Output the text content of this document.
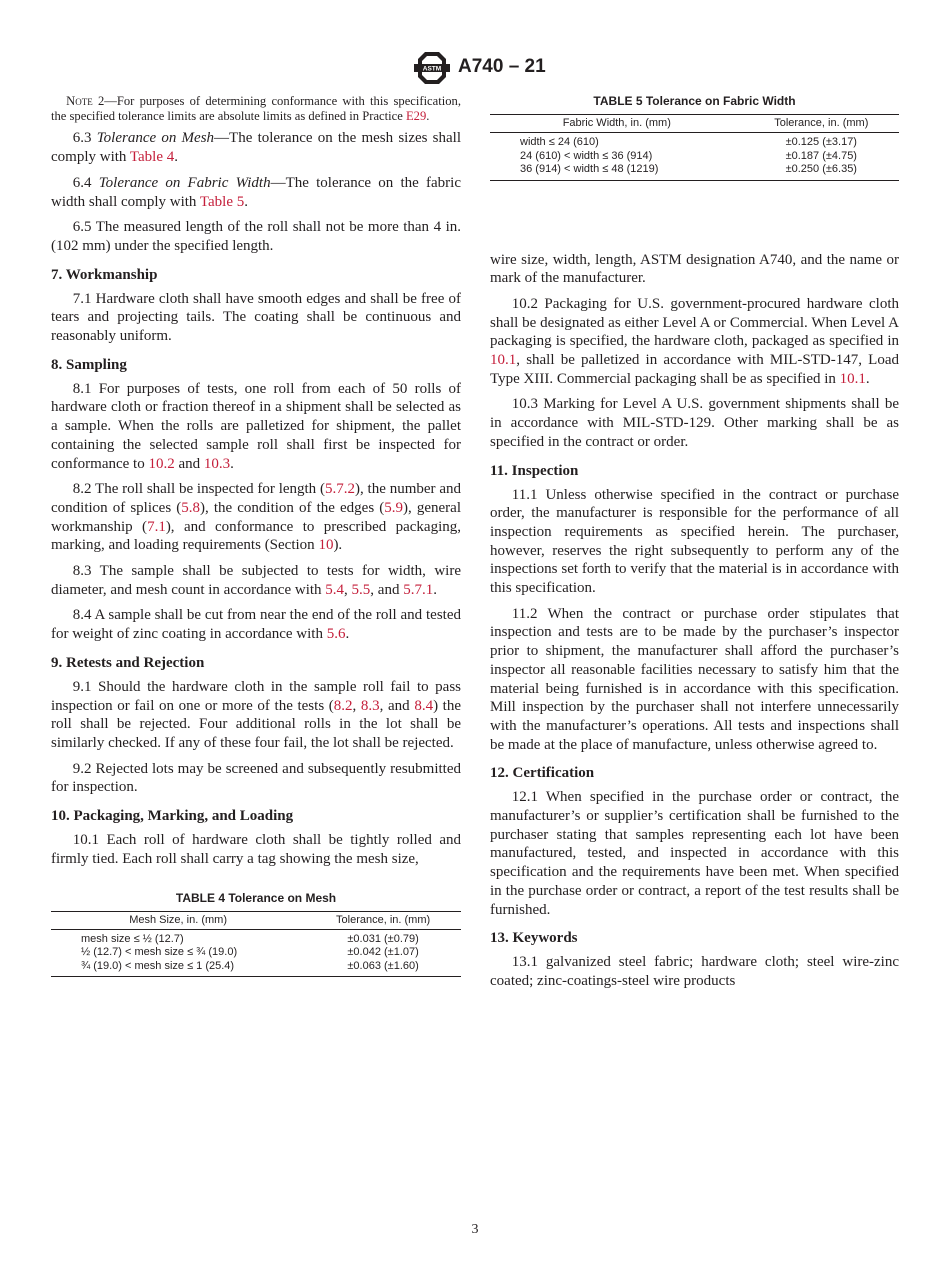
ASTM A740 – 21

Note 2—For purposes of determining conformance with this specification, the specified tolerance limits are absolute limits as defined in Practice E29.

6.3 Tolerance on Mesh—The tolerance on the mesh sizes shall comply with Table 4.

6.4 Tolerance on Fabric Width—The tolerance on the fabric width shall comply with Table 5.

6.5 The measured length of the roll shall not be more than 4 in. (102 mm) under the specified length.

7. Workmanship

7.1 Hardware cloth shall have smooth edges and shall be free of tears and projecting tails. The coating shall be continuous and reasonably uniform.

8. Sampling

8.1 For purposes of tests, one roll from each of 50 rolls of hardware cloth or fraction thereof in a shipment shall be selected as a sample. When the rolls are palletized for shipment, the pallet containing the selected sample roll shall first be inspected for conformance to 10.2 and 10.3.

8.2 The roll shall be inspected for length (5.7.2), the number and condition of splices (5.8), the condition of the edges (5.9), general workmanship (7.1), and conformance to prescribed packaging, marking, and loading requirements (Section 10).

8.3 The sample shall be subjected to tests for width, wire diameter, and mesh count in accordance with 5.4, 5.5, and 5.7.1.

8.4 A sample shall be cut from near the end of the roll and tested for weight of zinc coating in accordance with 5.6.

9. Retests and Rejection

9.1 Should the hardware cloth in the sample roll fail to pass inspection or fail on one or more of the tests (8.2, 8.3, and 8.4) the roll shall be rejected. Four additional rolls in the lot shall be similarly checked. If any of these four fail, the lot shall be rejected.

9.2 Rejected lots may be screened and subsequently resubmitted for inspection.

10. Packaging, Marking, and Loading

10.1 Each roll of hardware cloth shall be tightly rolled and firmly tied. Each roll shall carry a tag showing the mesh size,

TABLE 4 Tolerance on Mesh
Mesh Size, in. (mm)	Tolerance, in. (mm)
mesh size ≤ ½ (12.7)	±0.031 (±0.79)
½ (12.7) < mesh size ≤ ¾ (19.0)	±0.042 (±1.07)
¾ (19.0) < mesh size ≤ 1 (25.4)	±0.063 (±1.60)
TABLE 5 Tolerance on Fabric Width
Fabric Width, in. (mm)	Tolerance, in. (mm)
width ≤ 24 (610)	±0.125 (±3.17)
24 (610) < width ≤ 36 (914)	±0.187 (±4.75)
36 (914) < width ≤ 48 (1219)	±0.250 (±6.35)

wire size, width, length, ASTM designation A740, and the name or mark of the manufacturer.

10.2 Packaging for U.S. government-procured hardware cloth shall be designated as either Level A or Commercial. When Level A packaging is specified, the hardware cloth, packaged as specified in 10.1, shall be palletized in accordance with MIL-STD-147, Load Type XIII. Commercial packaging shall be as specified in 10.1.

10.3 Marking for Level A U.S. government shipments shall be in accordance with MIL-STD-129. Other marking shall be as specified in the contract or order.

11. Inspection

11.1 Unless otherwise specified in the contract or purchase order, the manufacturer is responsible for the performance of all inspection requirements as specified herein. The purchaser, however, reserves the right subsequently to perform any of the inspections set forth to verify that the material is in accordance with this specification.

11.2 When the contract or purchase order stipulates that inspection and tests are to be made by the purchaser’s inspector prior to shipment, the manufacturer shall afford the purchaser’s inspector all reasonable facilities necessary to satisfy him that the material being furnished is in accordance with this specification. Mill inspection by the purchaser shall not interfere unnecessarily with the manufacturer’s operations. All tests and inspections shall be made at the place of manufacture, unless otherwise agreed to.

12. Certification

12.1 When specified in the purchase order or contract, the manufacturer’s or supplier’s certification shall be furnished to the purchaser stating that samples representing each lot have been manufactured, tested, and inspected in accordance with this specification and the requirements have been met. When specified in the purchase order or contract, a report of the test results shall be furnished.

13. Keywords

13.1 galvanized steel fabric; hardware cloth; steel wire-zinc coated; zinc-coatings-steel wire products

3
